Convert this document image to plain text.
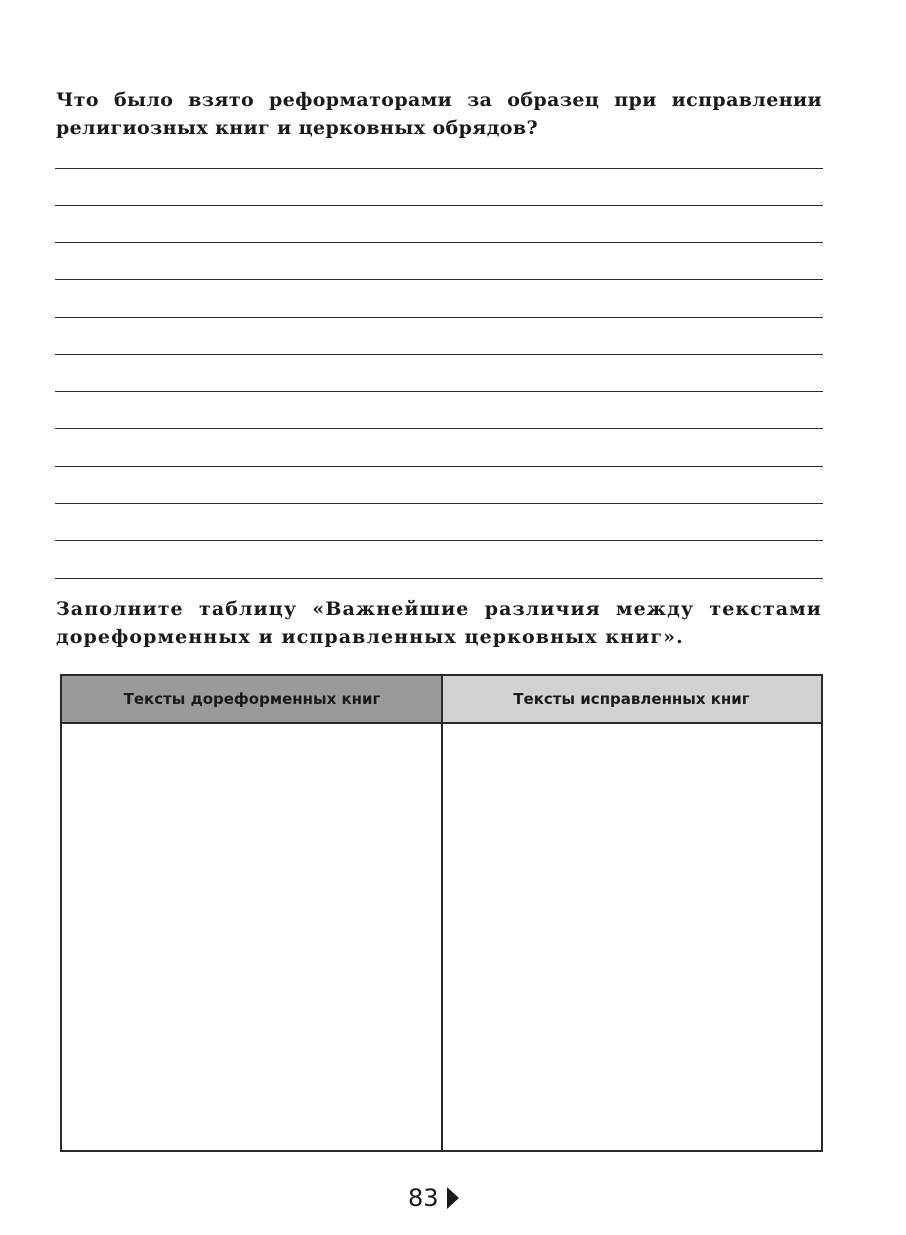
Что было взято реформаторами за образец при исправлении религиозных книг и церковных обрядов?

Заполните таблицу «Важнейшие различия между текстами дореформенных и исправленных церковных книг».

Тексты дореформенных книг	Тексты исправленных книг
83
